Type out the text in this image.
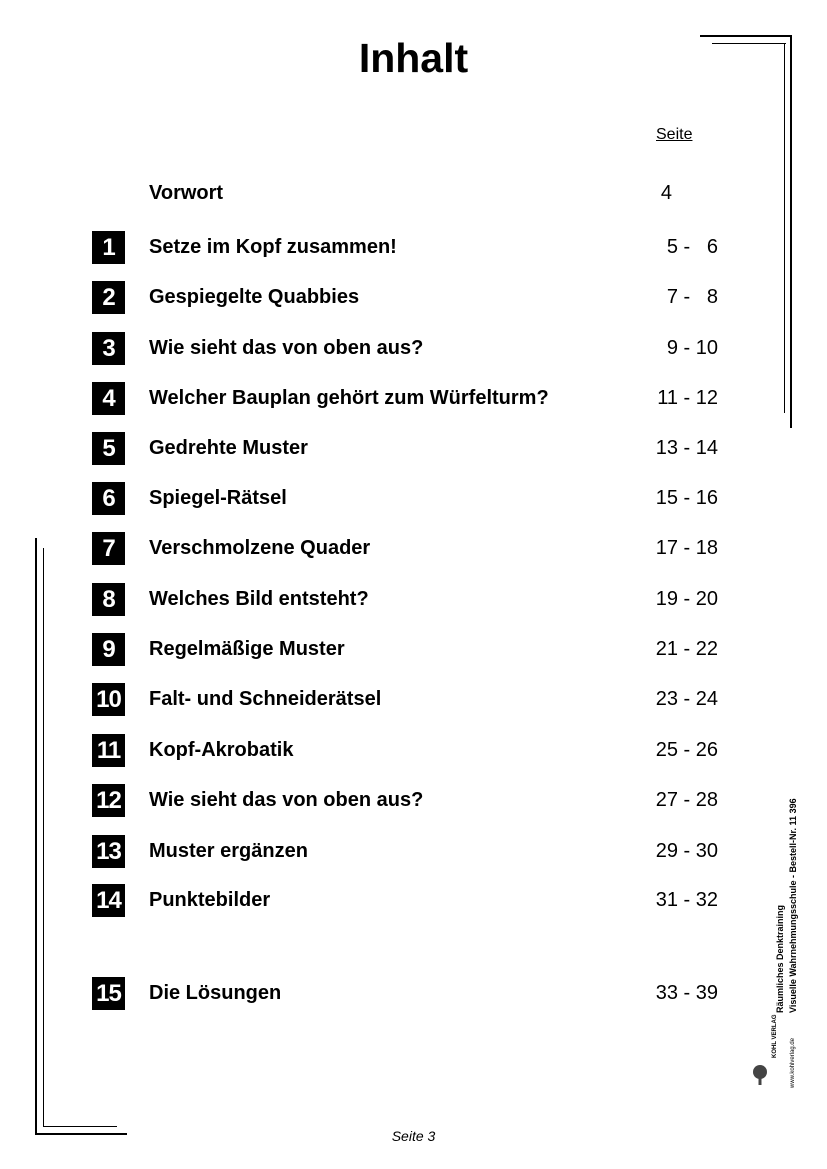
Inhalt
Seite
Vorwort	4
1	Setze im Kopf zusammen!	5 -   6
2	Gespiegelte Quabbies	7 -   8
3	Wie sieht das von oben aus?	9 - 10
4	Welcher Bauplan gehört zum Würfelturm?	11 - 12
5	Gedrehte Muster	13 - 14
6	Spiegel-Rätsel	15 - 16
7	Verschmolzene Quader	17 - 18
8	Welches Bild entsteht?	19 - 20
9	Regelmäßige Muster	21 - 22
10 Falt- und Schneiderätsel	23 - 24
11 Kopf-Akrobatik	25 - 26
12 Wie sieht das von oben aus?	27 - 28
13 Muster ergänzen	29 - 30
14 Punktebilder	31 - 32
15 Die Lösungen	33 - 39	Räumliches Denktraining Visuelle Wahrnehmungsschule - Bestell-Nr. 11 396
www.kohlverlag.de
KOHL VERLAG
Seite 3
